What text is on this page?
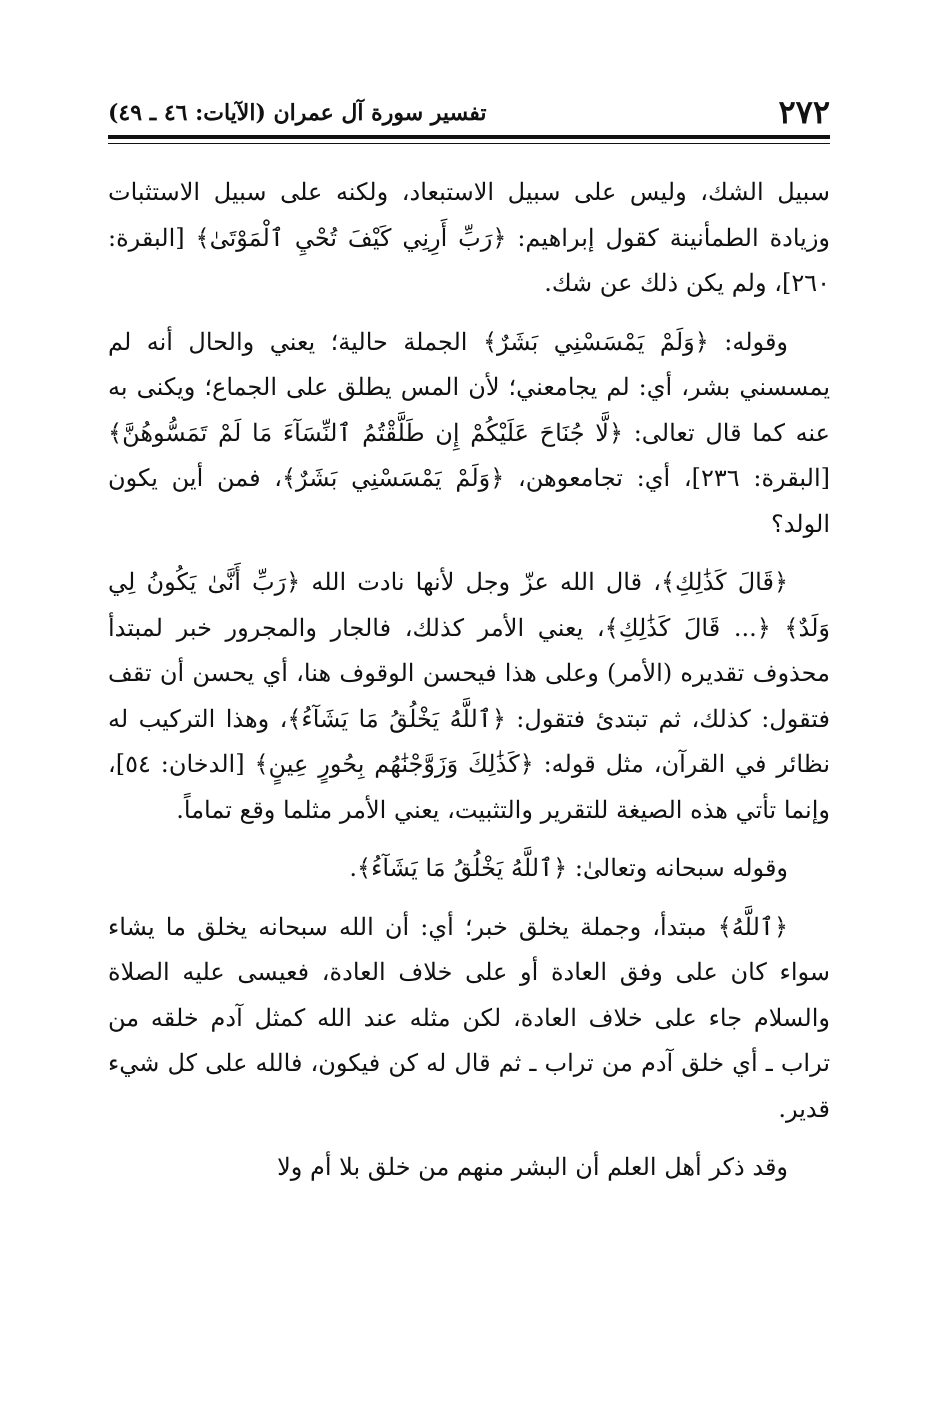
٢٧٢
تفسير سورة آل عمران (الآيات: ٤٦ ـ ٤٩)

سبيل الشك، وليس على سبيل الاستبعاد، ولكنه على سبيل الاستثبات وزيادة الطمأنينة كقول إبراهيم: ﴿رَبِّ أَرِنِي كَيْفَ تُحْيِ ٱلْمَوْتَىٰ﴾ [البقرة: ٢٦٠]، ولم يكن ذلك عن شك.

وقوله: ﴿وَلَمْ يَمْسَسْنِي بَشَرٌ﴾ الجملة حالية؛ يعني والحال أنه لم يمسسني بشر، أي: لم يجامعني؛ لأن المس يطلق على الجماع؛ ويكنى به عنه كما قال تعالى: ﴿لَّا جُنَاحَ عَلَيْكُمْ إِن طَلَّقْتُمُ ٱلنِّسَآءَ مَا لَمْ تَمَسُّوهُنَّ﴾ [البقرة: ٢٣٦]، أي: تجامعوهن، ﴿وَلَمْ يَمْسَسْنِي بَشَرٌ﴾، فمن أين يكون الولد؟

﴿قَالَ كَذَٰلِكِ﴾، قال الله عزّ وجل لأنها نادت الله ﴿رَبِّ أَنَّىٰ يَكُونُ لِي وَلَدٌ﴾ ﴿... قَالَ كَذَٰلِكِ﴾، يعني الأمر كذلك، فالجار والمجرور خبر لمبتدأ محذوف تقديره (الأمر) وعلى هذا فيحسن الوقوف هنا، أي يحسن أن تقف فتقول: كذلك، ثم تبتدئ فتقول: ﴿ٱللَّهُ يَخْلُقُ مَا يَشَآءُ﴾، وهذا التركيب له نظائر في القرآن، مثل قوله: ﴿كَذَٰلِكَ وَزَوَّجْنَٰهُم بِحُورٍ عِينٍ﴾ [الدخان: ٥٤]، وإنما تأتي هذه الصيغة للتقرير والتثبيت، يعني الأمر مثلما وقع تماماً.

وقوله سبحانه وتعالىٰ: ﴿ٱللَّهُ يَخْلُقُ مَا يَشَآءُ﴾.

﴿ٱللَّهُ﴾ مبتدأ، وجملة يخلق خبر؛ أي: أن الله سبحانه يخلق ما يشاء سواء كان على وفق العادة أو على خلاف العادة، فعيسى عليه الصلاة والسلام جاء على خلاف العادة، لكن مثله عند الله كمثل آدم خلقه من تراب ـ أي خلق آدم من تراب ـ ثم قال له كن فيكون، فالله على كل شيء قدير.

وقد ذكر أهل العلم أن البشر منهم من خلق بلا أم ولا
